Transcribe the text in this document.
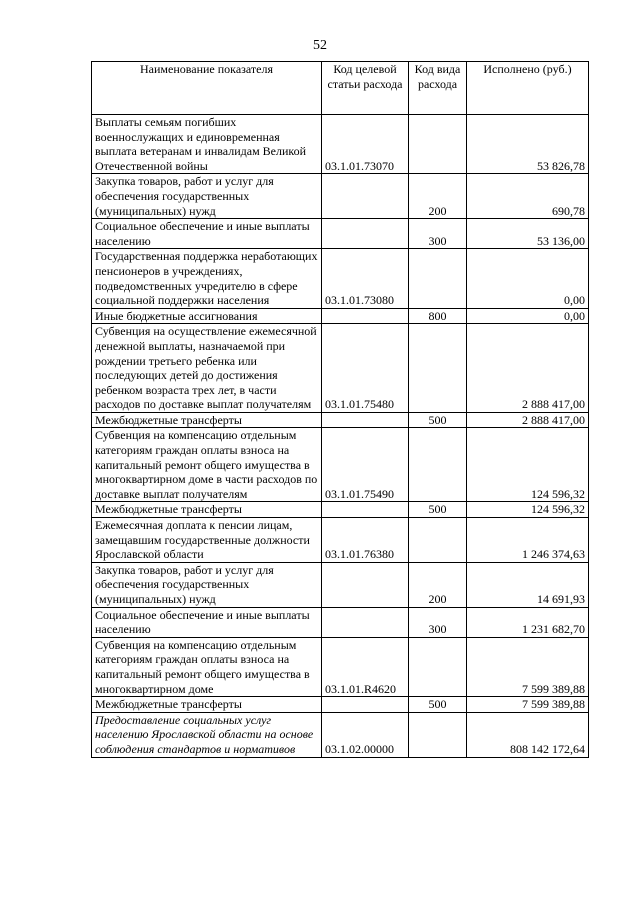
52
Наименование показателя	Код целевой статьи расхода	Код вида расхода	Исполнено (руб.)
Выплаты семьям погибших военнослужащих и единовременная выплата ветеранам и инвалидам Великой Отечественной войны	03.1.01.73070		53 826,78
Закупка товаров, работ и услуг для обеспечения государственных (муниципальных) нужд		200	690,78
Социальное обеспечение и иные выплаты населению		300	53 136,00
Государственная поддержка неработающих пенсионеров в учреждениях, подведомственных учредителю в сфере социальной поддержки населения	03.1.01.73080		0,00
Иные бюджетные ассигнования		800	0,00
Субвенция на осуществление ежемесячной денежной выплаты, назначаемой при рождении третьего ребенка или последующих детей до достижения ребенком возраста трех лет, в части расходов по доставке выплат получателям	03.1.01.75480		2 888 417,00
Межбюджетные трансферты		500	2 888 417,00
Субвенция на компенсацию отдельным категориям граждан оплаты взноса на капитальный ремонт общего имущества в многоквартирном доме в части расходов по доставке выплат получателям	03.1.01.75490		124 596,32
Межбюджетные трансферты		500	124 596,32
Ежемесячная доплата к пенсии лицам, замещавшим государственные должности Ярославской области	03.1.01.76380		1 246 374,63
Закупка товаров, работ и услуг для обеспечения государственных (муниципальных) нужд		200	14 691,93
Социальное обеспечение и иные выплаты населению		300	1 231 682,70
Субвенция на компенсацию отдельным категориям граждан оплаты взноса на капитальный ремонт общего имущества в многоквартирном доме	03.1.01.R4620		7 599 389,88
Межбюджетные трансферты		500	7 599 389,88
Предоставление социальных услуг населению Ярославской области на основе соблюдения стандартов и нормативов	03.1.02.00000		808 142 172,64
